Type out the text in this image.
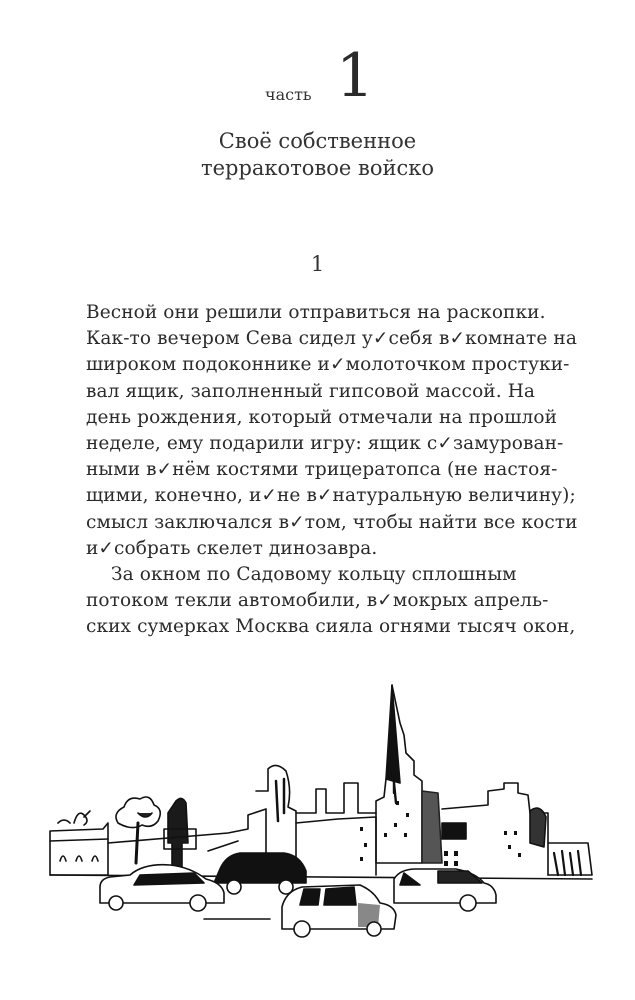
часть 1
Своё собственное
терракотовое войско
1
Весной они решили отправиться на раскопки.
Как-то вечером Сева сидел у✓себя в✓комнате на
широком подоконнике и✓молоточком простуки-
вал ящик, заполненный гипсовой массой. На
день рождения, который отмечали на прошлой
неделе, ему подарили игру: ящик с✓замурован-
ными в✓нём костями трицератопса (не настоя-
щими, конечно, и✓не в✓натуральную величину);
смысл заключался в✓том, чтобы найти все кости
и✓собрать скелет динозавра.
За окном по Садовому кольцу сплошным
потоком текли автомобили, в✓мокрых апрель-
ских сумерках Москва сияла огнями тысяч окон,
